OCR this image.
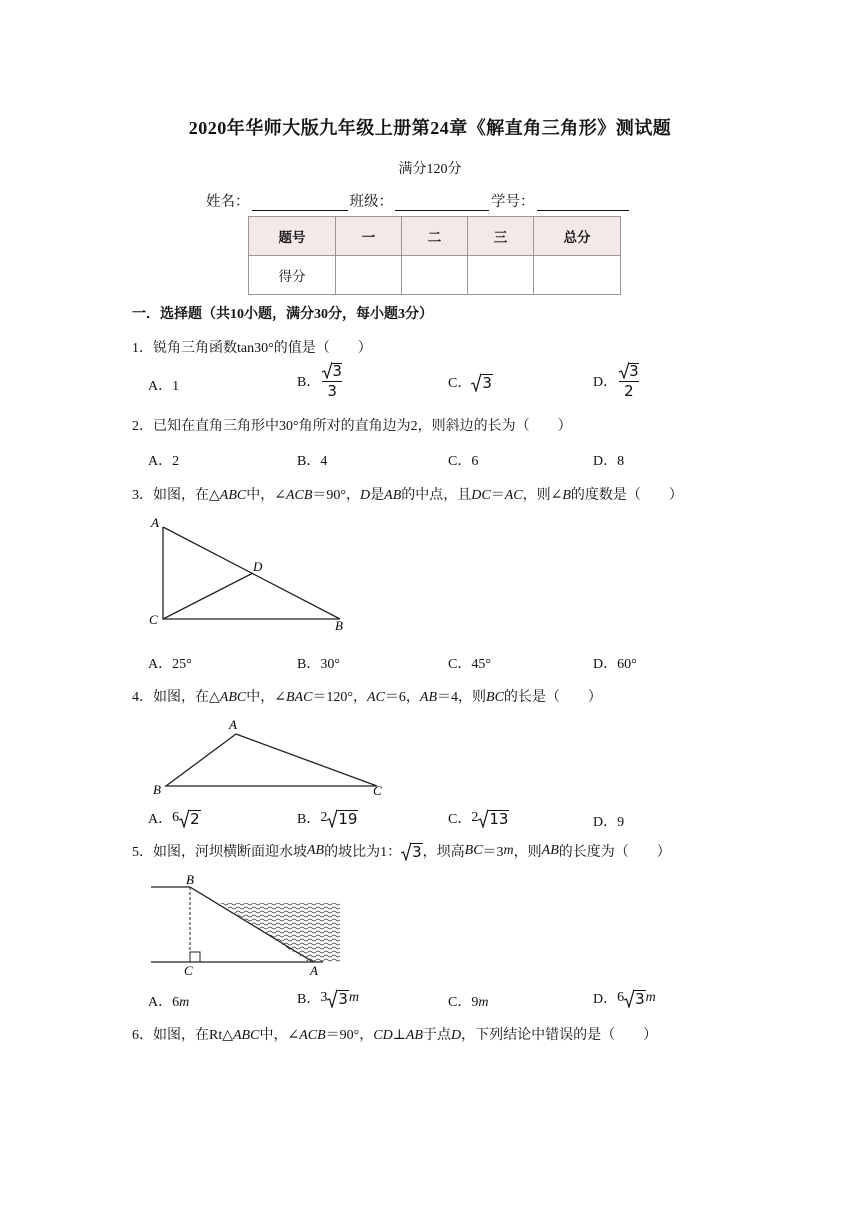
2020年华师大版九年级上册第24章《解直角三角形》测试题
满分120分
姓名：	班级：	学号：
题号	一	二	三	总分
得分				
一．选择题（共10小题，满分30分，每小题3分）
1．锐角三角函数tan30°的值是（　　）
A．1	B． $\frac{3}{3}$	C． 3	D． $\frac{3}{2}$
2．已知在直角三角形中30°角所对的直角边为2，则斜边的长为（　　）
A．2	B．4	C．6	D．8
3．如图，在△ABC中，∠ACB＝90°，D是AB的中点，且DC＝AC，则∠B的度数是（　　）
A
D
C	B
A．25°	B．30°	C．45°	D．60°
4．如图，在△ABC中，∠BAC＝120°，AC＝6，AB＝4，则BC的长是（　　）
A
B	C
A． 6 2	B． 2 19	C． 2 13	D．9
5． 如图，河坝横断面迎水坡 AB 的坡比为1： 3 ，坝高 BC ＝3 m ，则 AB 的长度为（　　）
B
C	A
A．6m	B． 3 3 m	C．9m	D． 6 3 m
6．如图，在Rt△ABC中，∠ACB＝90°，CD⊥AB于点D，下列结论中错误的是（　　）
